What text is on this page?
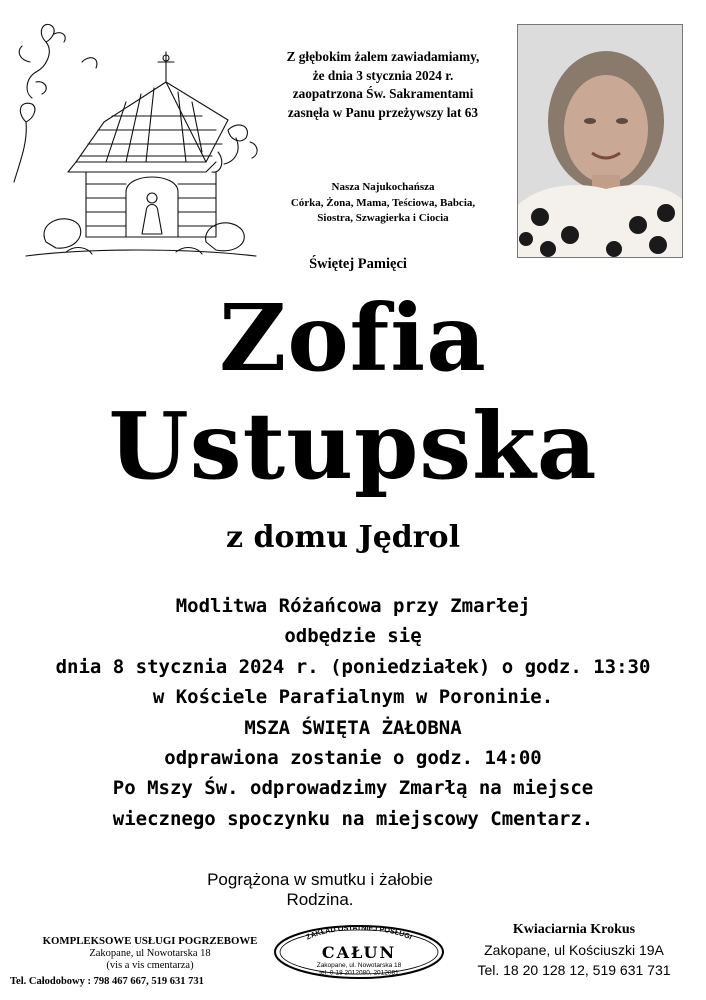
Z głębokim żalem zawiadamiamy,
że dnia 3 stycznia 2024 r.
zaopatrzona Św. Sakramentami
zasnęła w Panu przeżywszy lat 63
Nasza Najukochańsza
Córka, Żona, Mama, Teściowa, Babcia,
Siostra, Szwagierka i Ciocia
Świętej Pamięci
Zofia
Ustupska
z domu Jędrol
Modlitwa Różańcowa przy Zmarłej
odbędzie się
dnia 8 stycznia 2024 r. (poniedziałek) o godz. 13:30
w Kościele Parafialnym w Poroninie.
MSZA ŚWIĘTA ŻAŁOBNA
odprawiona zostanie o godz. 14:00
Po Mszy Św. odprowadzimy Zmarłą na miejsce
wiecznego spoczynku na miejscowy Cmentarz.
Pogrążona w smutku i żałobie
Rodzina.
KOMPLEKSOWE USŁUGI POGRZEBOWE
Zakopane, ul Nowotarska 18
(vis a vis cmentarza)
Tel. Całodobowy : 798 467 667, 519 631 731
ZAKŁAD OSTATNIEJ POSŁUGI
CAŁUN
Zakopane, ul. Nowotarska 18
tel. 0-18 2012080, 2012081
Kwiaciarnia Krokus
Zakopane, ul Kościuszki 19A
Tel. 18 20 128 12, 519 631 731
